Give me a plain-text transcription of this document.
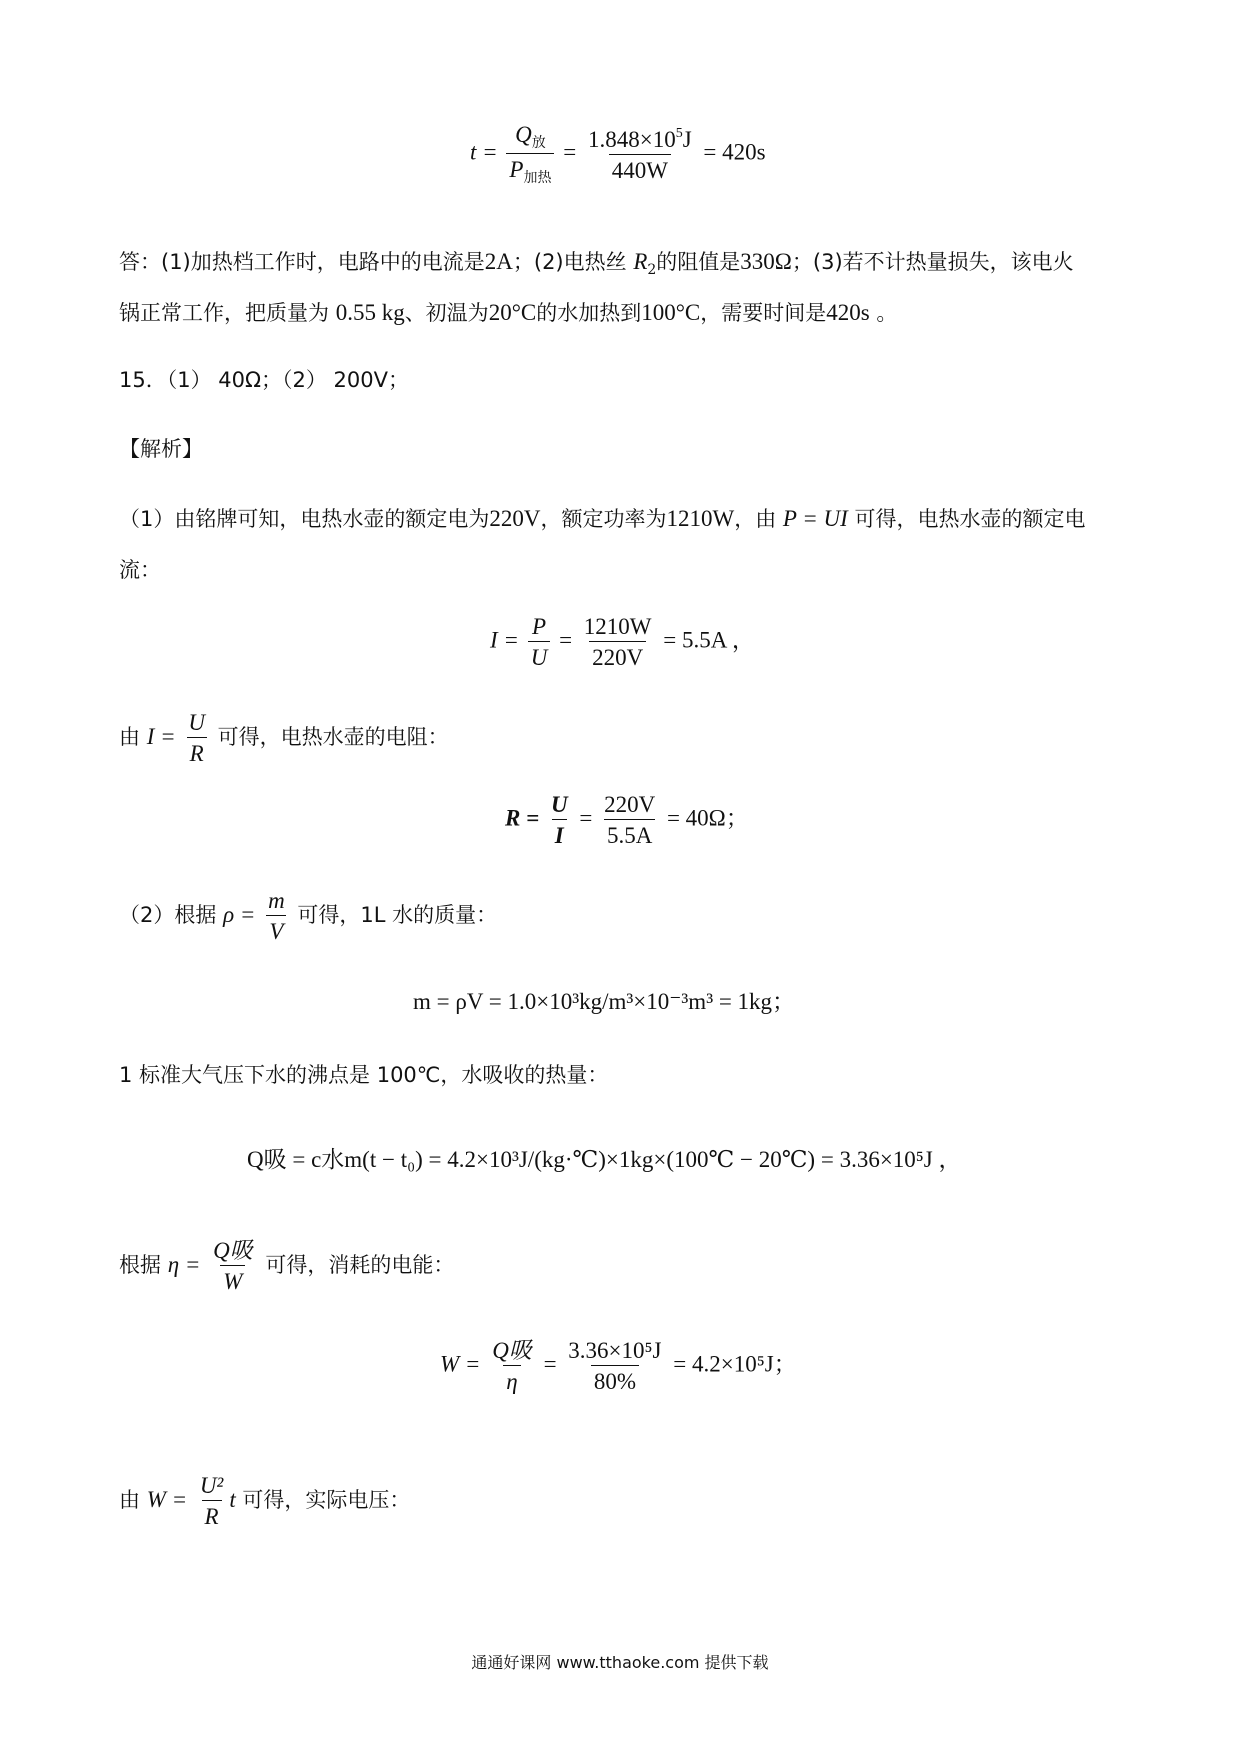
$t = \frac{Q_放}{P_{加热}} = \frac{1.848\times 10^5J}{440W} = 420s$
答：(1)加热档工作时，电路中的电流是2A；(2)电热丝 $R_2$的阻值是330Ω；(3)若不计热量损失，该电火
锅正常工作，把质量为 0.55 kg、初温为20°C的水加热到100°C，需要时间是420s 。
15．（1） 40Ω；（2） 200V；
【解析】
（1）由铭牌可知，电热水壶的额定电为220V，额定功率为1210W，由 P = UI 可得，电热水壶的额定电
流：
$I = \frac{P}{U} = \frac{1210W}{220V} = 5.5A$ ，
由 $I = \frac{U}{R}$ 可得，电热水壶的电阻：
$R = \frac{U}{I} = \frac{220V}{5.5A} = 40\Omega$；
（2）根据 $\rho = \frac{m}{V}$ 可得，1L 水的质量：
m = ρV = 1.0×10³kg/m³×10⁻³m³ = 1kg；
1 标准大气压下水的沸点是 100℃，水吸收的热量：
Q吸 = c水m(t − t₀) = 4.2×10³J/(kg·℃)×1kg×(100℃ − 20℃) = 3.36×10⁵J ，
根据 $\eta = \frac{\text{Q吸}}{W}$ 可得，消耗的电能：
$W = \frac{\text{Q吸}}{\eta} = \frac{\text{3.36×10⁵J}}{80\%} = 4.2\times 10^5J$；
由 $W = \frac{\text{U²}}{R}$ t 可得，实际电压：
通通好课网 www.tthaoke.com 提供下载
